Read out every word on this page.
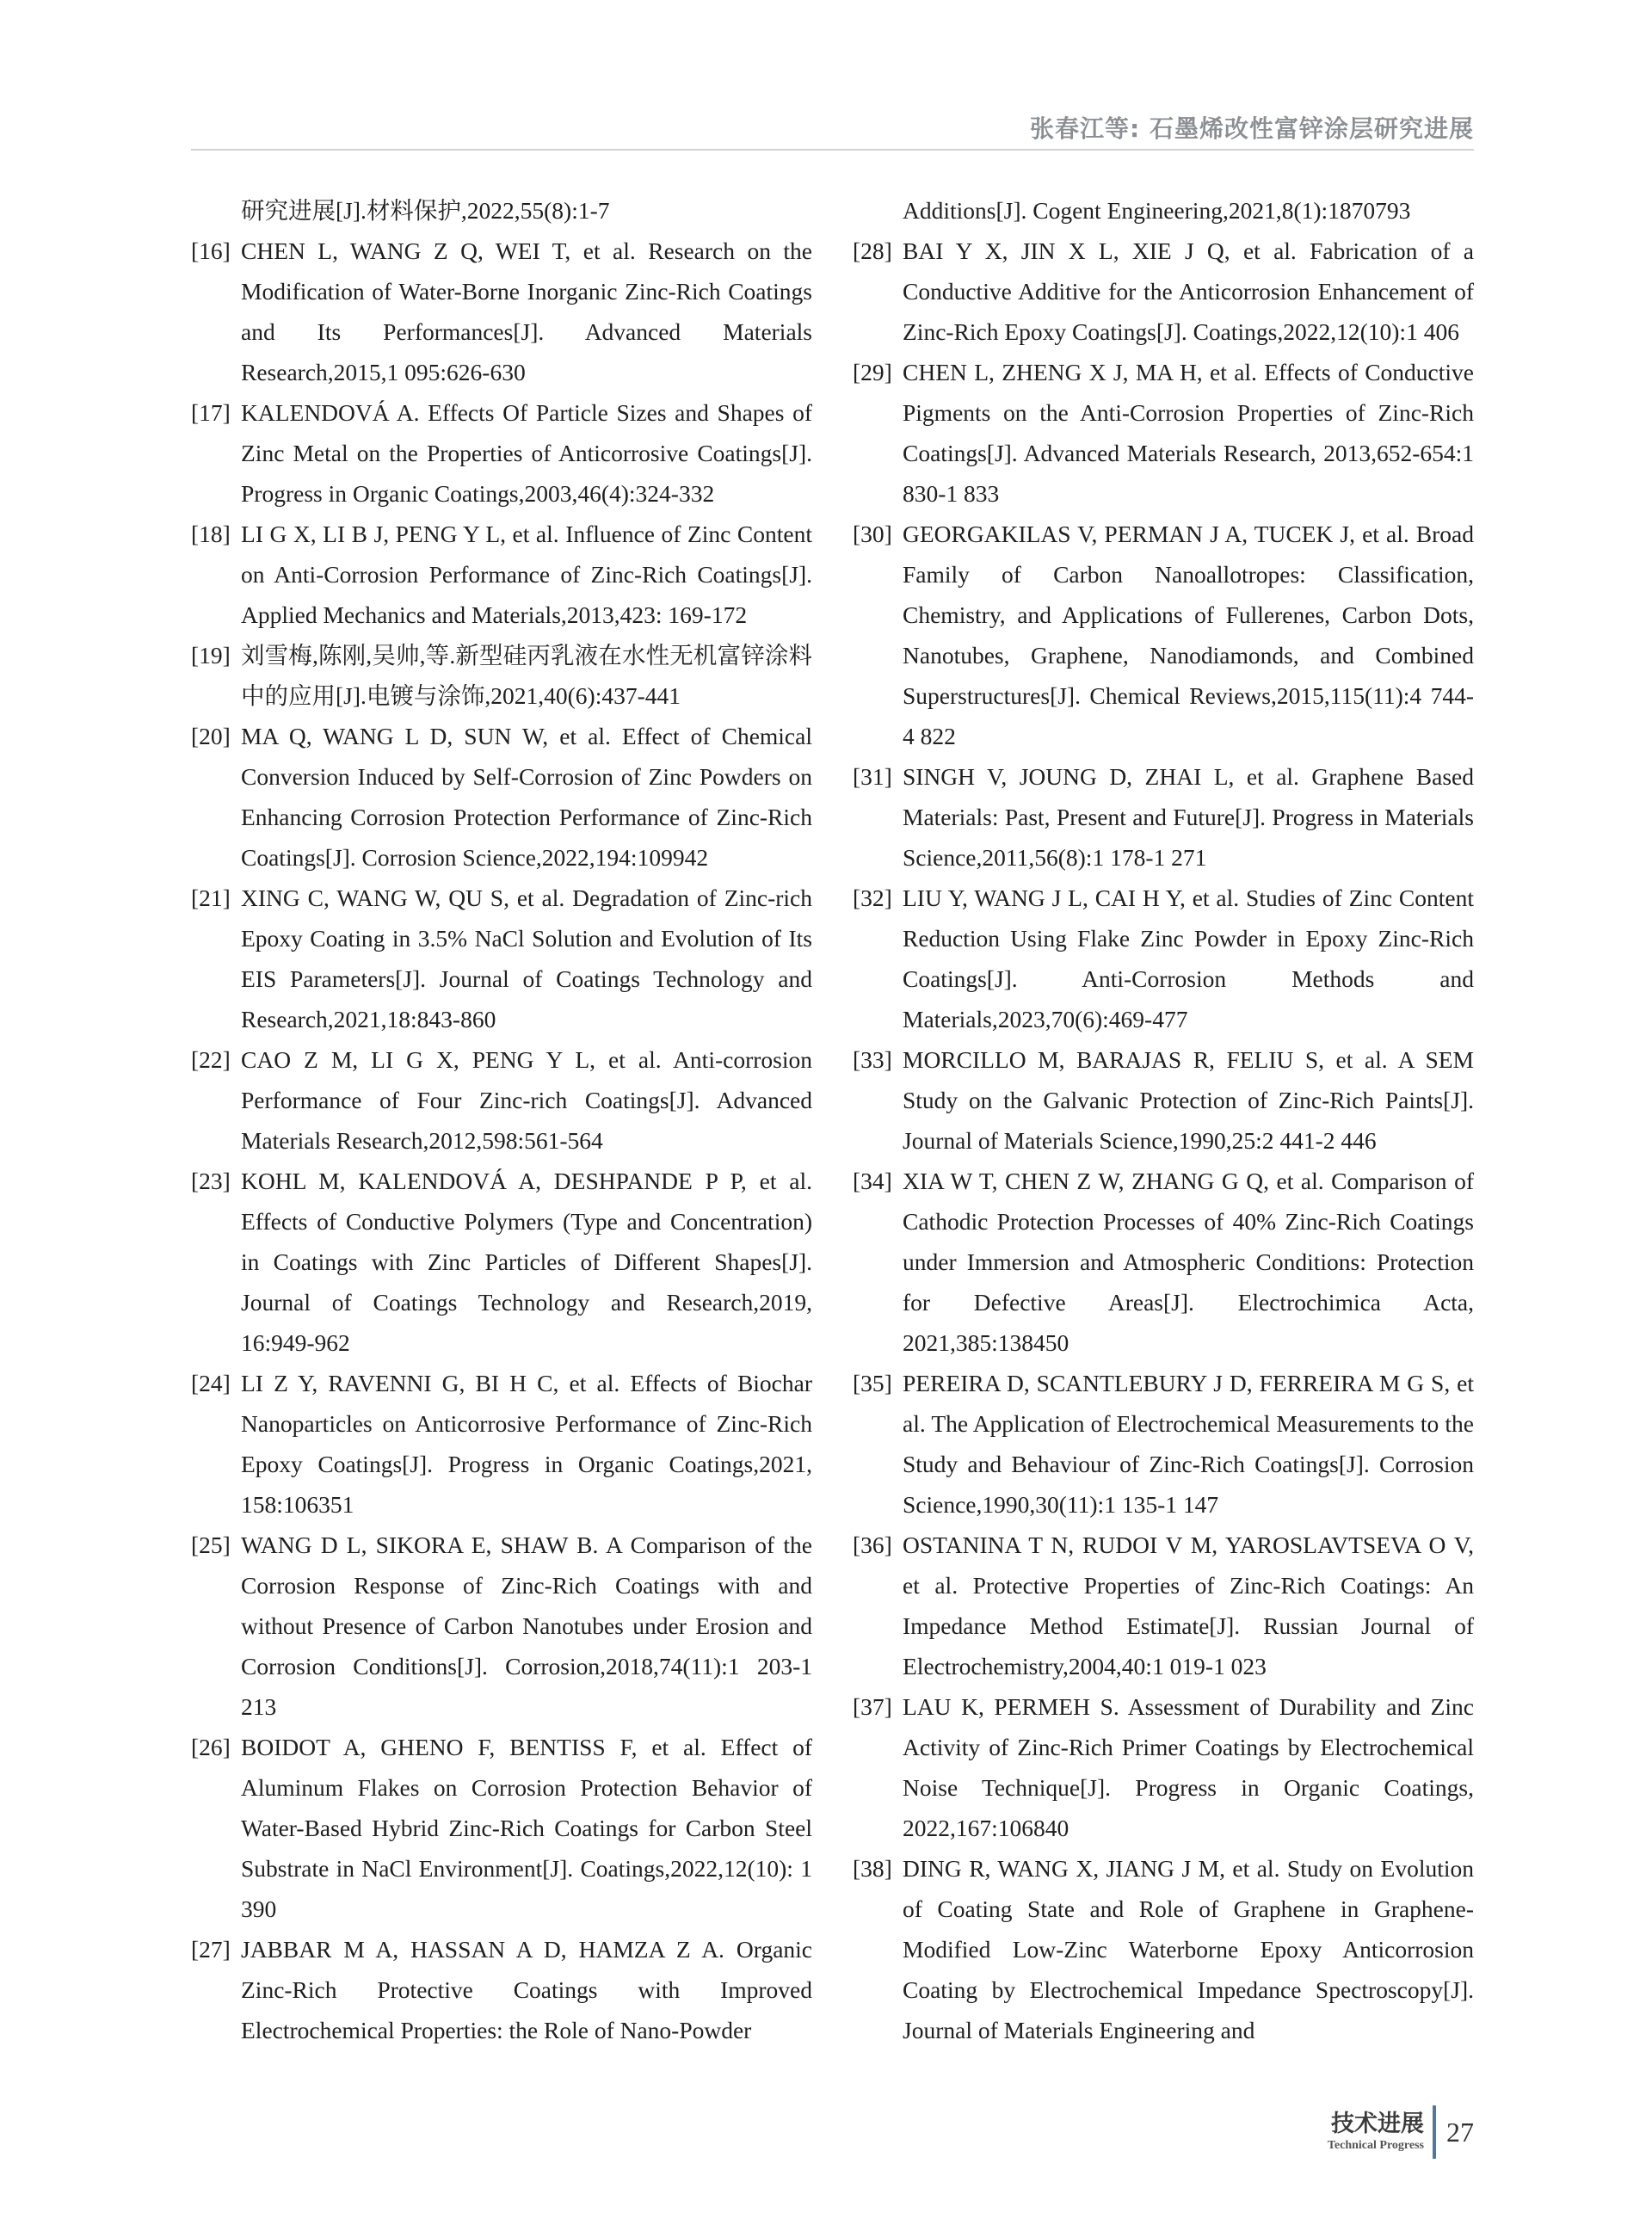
张春江等: 石墨烯改性富锌涂层研究进展
研究进展[J].材料保护,2022,55(8):1-7
[16] CHEN L, WANG Z Q, WEI T, et al. Research on the Modification of Water-Borne Inorganic Zinc-Rich Coatings and Its Performances[J]. Advanced Materials Research,2015,1 095:626-630
[17] KALENDOVÁ A. Effects Of Particle Sizes and Shapes of Zinc Metal on the Properties of Anticorrosive Coatings[J]. Progress in Organic Coatings,2003,46(4):324-332
[18] LI G X, LI B J, PENG Y L, et al. Influence of Zinc Content on Anti-Corrosion Performance of Zinc-Rich Coatings[J]. Applied Mechanics and Materials,2013,423: 169-172
[19] 刘雪梅,陈刚,吴帅,等.新型硅丙乳液在水性无机富锌涂料中的应用[J].电镀与涂饰,2021,40(6):437-441
[20] MA Q, WANG L D, SUN W, et al. Effect of Chemical Conversion Induced by Self-Corrosion of Zinc Powders on Enhancing Corrosion Protection Performance of Zinc-Rich Coatings[J]. Corrosion Science,2022,194:109942
[21] XING C, WANG W, QU S, et al. Degradation of Zinc-rich Epoxy Coating in 3.5% NaCl Solution and Evolution of Its EIS Parameters[J]. Journal of Coatings Technology and Research,2021,18:843-860
[22] CAO Z M, LI G X, PENG Y L, et al. Anti-corrosion Performance of Four Zinc-rich Coatings[J]. Advanced Materials Research,2012,598:561-564
[23] KOHL M, KALENDOVÁ A, DESHPANDE P P, et al. Effects of Conductive Polymers (Type and Concentration) in Coatings with Zinc Particles of Different Shapes[J]. Journal of Coatings Technology and Research,2019, 16:949-962
[24] LI Z Y, RAVENNI G, BI H C, et al. Effects of Biochar Nanoparticles on Anticorrosive Performance of Zinc-Rich Epoxy Coatings[J]. Progress in Organic Coatings,2021, 158:106351
[25] WANG D L, SIKORA E, SHAW B. A Comparison of the Corrosion Response of Zinc-Rich Coatings with and without Presence of Carbon Nanotubes under Erosion and Corrosion Conditions[J]. Corrosion,2018,74(11):1 203-1 213
[26] BOIDOT A, GHENO F, BENTISS F, et al. Effect of Aluminum Flakes on Corrosion Protection Behavior of Water-Based Hybrid Zinc-Rich Coatings for Carbon Steel Substrate in NaCl Environment[J]. Coatings,2022,12(10): 1 390
[27] JABBAR M A, HASSAN A D, HAMZA Z A. Organic Zinc-Rich Protective Coatings with Improved Electrochemical Properties: the Role of Nano-Powder
Additions[J]. Cogent Engineering,2021,8(1):1870793
[28] BAI Y X, JIN X L, XIE J Q, et al. Fabrication of a Conductive Additive for the Anticorrosion Enhancement of Zinc-Rich Epoxy Coatings[J]. Coatings,2022,12(10):1 406
[29] CHEN L, ZHENG X J, MA H, et al. Effects of Conductive Pigments on the Anti-Corrosion Properties of Zinc-Rich Coatings[J]. Advanced Materials Research, 2013,652-654:1 830-1 833
[30] GEORGAKILAS V, PERMAN J A, TUCEK J, et al. Broad Family of Carbon Nanoallotropes: Classification, Chemistry, and Applications of Fullerenes, Carbon Dots, Nanotubes, Graphene, Nanodiamonds, and Combined Superstructures[J]. Chemical Reviews,2015,115(11):4 744-4 822
[31] SINGH V, JOUNG D, ZHAI L, et al. Graphene Based Materials: Past, Present and Future[J]. Progress in Materials Science,2011,56(8):1 178-1 271
[32] LIU Y, WANG J L, CAI H Y, et al. Studies of Zinc Content Reduction Using Flake Zinc Powder in Epoxy Zinc-Rich Coatings[J]. Anti-Corrosion Methods and Materials,2023,70(6):469-477
[33] MORCILLO M, BARAJAS R, FELIU S, et al. A SEM Study on the Galvanic Protection of Zinc-Rich Paints[J]. Journal of Materials Science,1990,25:2 441-2 446
[34] XIA W T, CHEN Z W, ZHANG G Q, et al. Comparison of Cathodic Protection Processes of 40% Zinc-Rich Coatings under Immersion and Atmospheric Conditions: Protection for Defective Areas[J]. Electrochimica Acta, 2021,385:138450
[35] PEREIRA D, SCANTLEBURY J D, FERREIRA M G S, et al. The Application of Electrochemical Measurements to the Study and Behaviour of Zinc-Rich Coatings[J]. Corrosion Science,1990,30(11):1 135-1 147
[36] OSTANINA T N, RUDOI V M, YAROSLAVTSEVA O V, et al. Protective Properties of Zinc-Rich Coatings: An Impedance Method Estimate[J]. Russian Journal of Electrochemistry,2004,40:1 019-1 023
[37] LAU K, PERMEH S. Assessment of Durability and Zinc Activity of Zinc-Rich Primer Coatings by Electrochemical Noise Technique[J]. Progress in Organic Coatings, 2022,167:106840
[38] DING R, WANG X, JIANG J M, et al. Study on Evolution of Coating State and Role of Graphene in Graphene-Modified Low-Zinc Waterborne Epoxy Anticorrosion Coating by Electrochemical Impedance Spectroscopy[J]. Journal of Materials Engineering and
技术进展
Technical Progress 27
